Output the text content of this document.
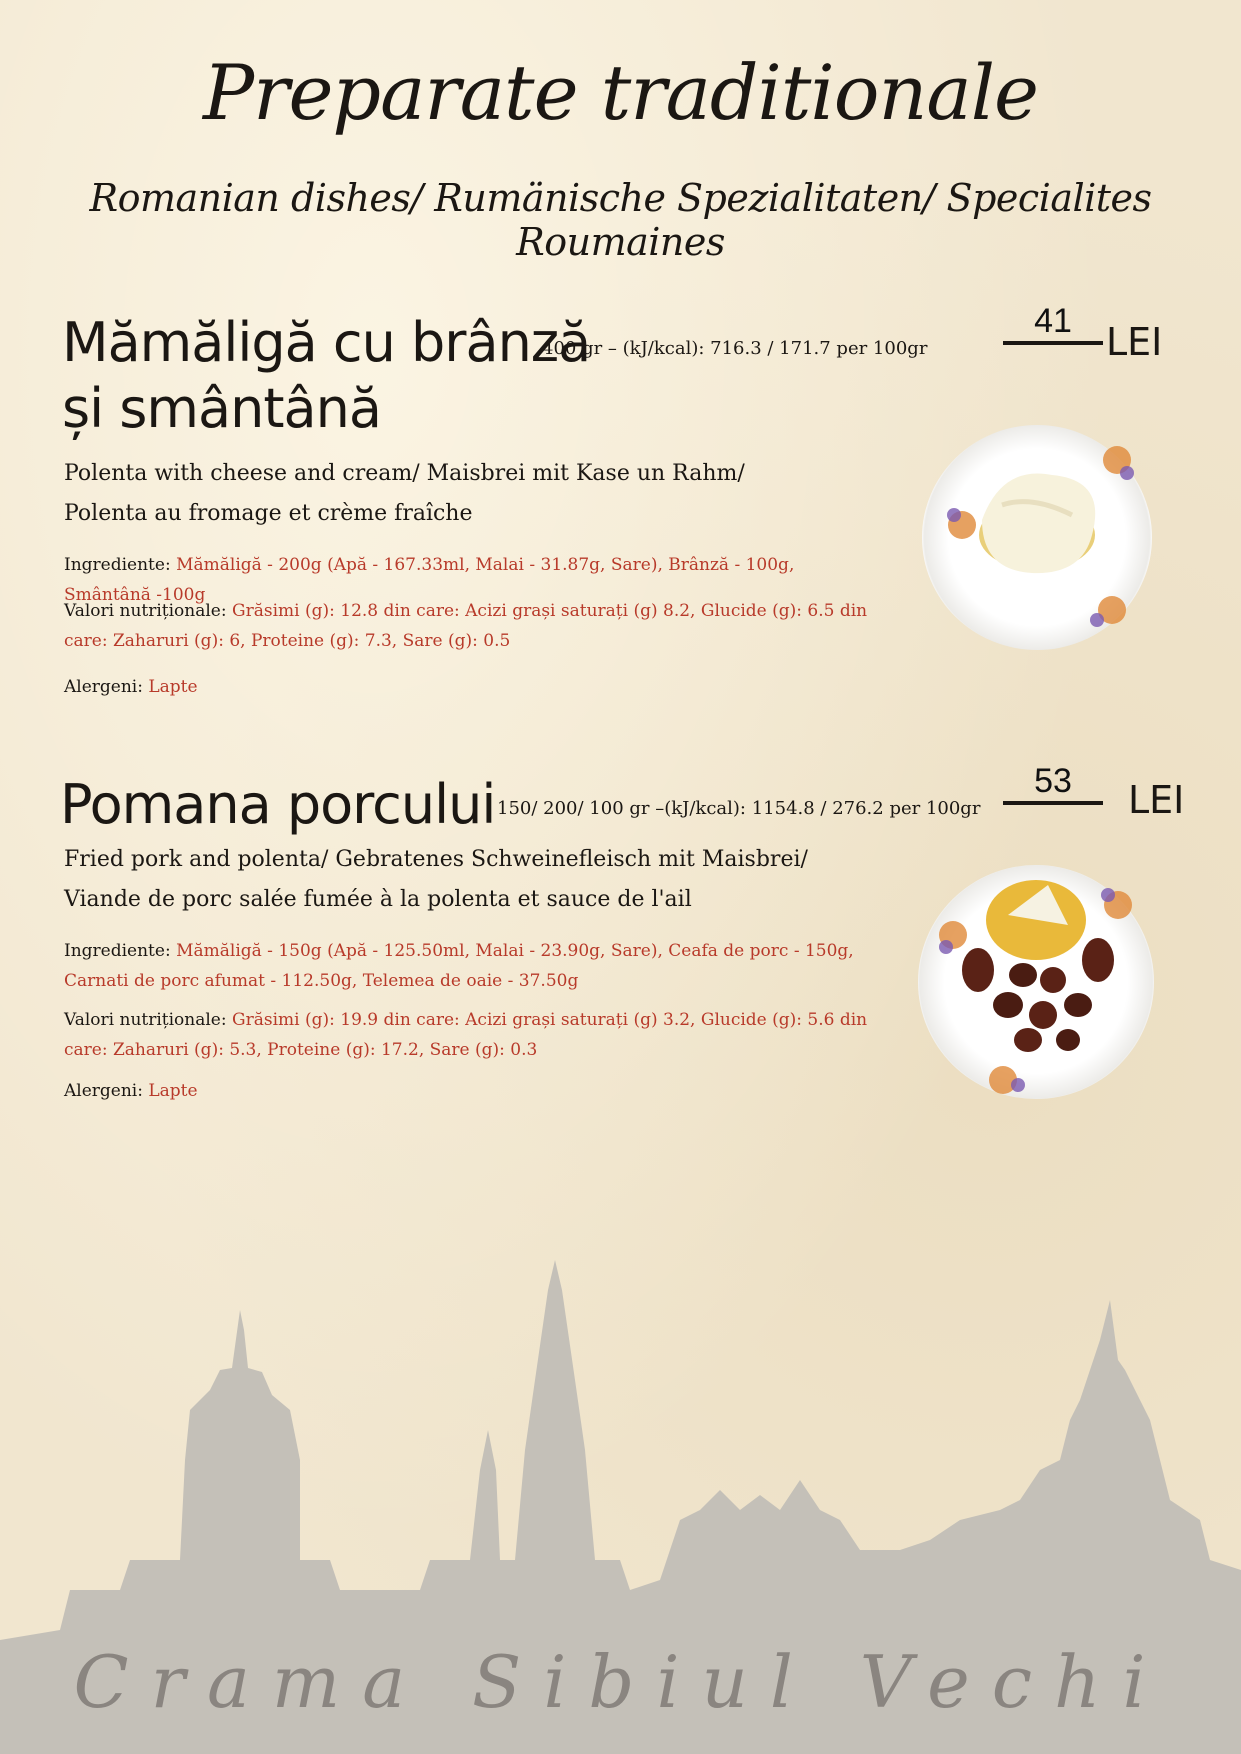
Preparate traditionale
Romanian dishes/ Rumänische Spezialitaten/ Specialites Roumaines
Mămăligă cu brânză
și smântână
400 gr – (kJ/kcal): 716.3 / 171.7 per 100gr
41 LEI
Polenta with cheese and cream/ Maisbrei mit Kase un Rahm/
Polenta au fromage et crème fraîche
Ingrediente: Mămăligă - 200g (Apă - 167.33ml, Malai - 31.87g, Sare), Brânză - 100g, Smântână -100g
Valori nutriționale: Grăsimi (g): 12.8 din care: Acizi grași saturați (g) 8.2, Glucide (g): 6.5 din care: Zaharuri (g): 6, Proteine (g): 7.3, Sare (g): 0.5
Alergeni: Lapte
Pomana porcului 150/ 200/ 100 gr –(kJ/kcal): 1154.8 / 276.2 per 100gr
53	LEI
Fried pork and polenta/ Gebratenes Schweinefleisch mit Maisbrei/
Viande de porc salée fumée à la polenta et sauce de l'ail
Ingrediente: Mămăligă - 150g (Apă - 125.50ml, Malai - 23.90g, Sare), Ceafa de porc - 150g, Carnati de porc afumat - 112.50g, Telemea de oaie - 37.50g
Valori nutriționale: Grăsimi (g): 19.9 din care: Acizi grași saturați (g) 3.2, Glucide (g): 5.6 din care: Zaharuri (g): 5.3, Proteine (g): 17.2, Sare (g): 0.3
Alergeni: Lapte
Crama Sibiul Vechi
